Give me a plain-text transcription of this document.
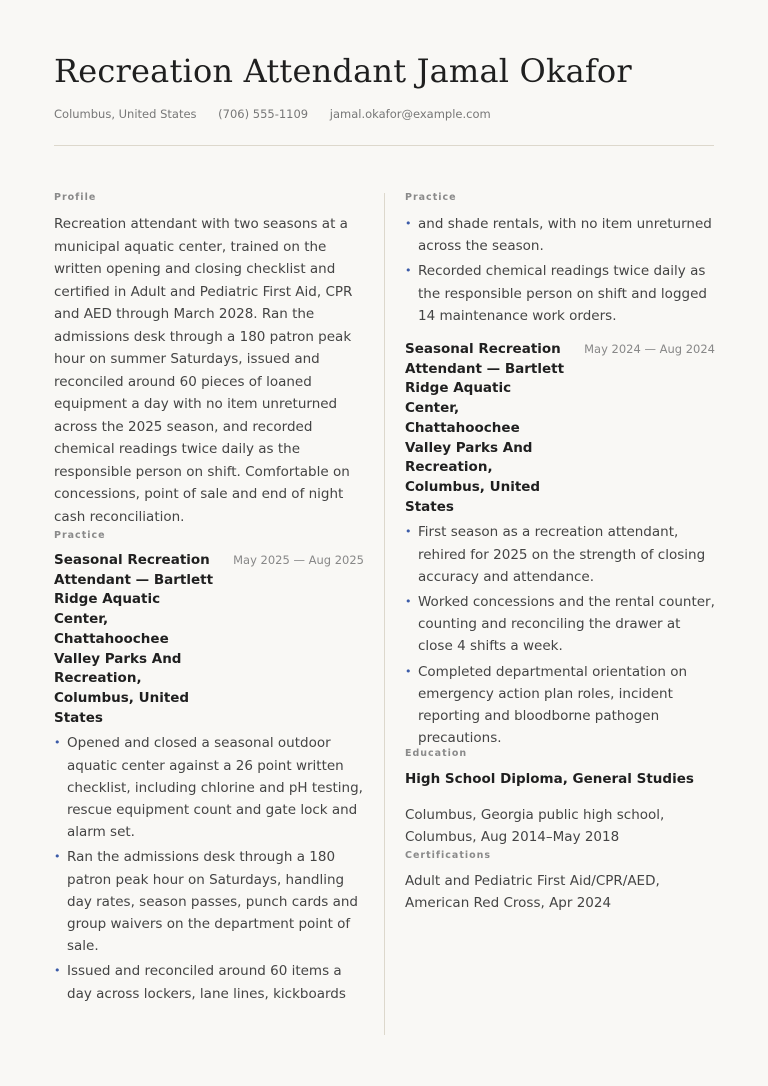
Recreation Attendant Jamal Okafor
Columbus, United States (706) 555-1109 jamal.okafor@example.com
Profile

Recreation attendant with two seasons at a municipal aquatic center, trained on the written opening and closing checklist and certified in Adult and Pediatric First Aid, CPR and AED through March 2028. Ran the admissions desk through a 180 patron peak hour on summer Saturdays, issued and reconciled around 60 pieces of loaned equipment a day with no item unreturned across the 2025 season, and recorded chemical readings twice daily as the responsible person on shift. Comfortable on concessions, point of sale and end of night cash reconciliation.

Practice
Seasonal Recreation Attendant — Bartlett Ridge Aquatic Center, Chattahoochee Valley Parks And Recreation, Columbus, United States
May 2025 — Aug 2025
• Opened and closed a seasonal outdoor aquatic center against a 26 point written checklist, including chlorine and pH testing, rescue equipment count and gate lock and alarm set.
• Ran the admissions desk through a 180 patron peak hour on Saturdays, handling day rates, season passes, punch cards and group waivers on the department point of sale.
• Issued and reconciled around 60 items a day across lockers, lane lines, kickboards
Practice
• and shade rentals, with no item unreturned across the season.
• Recorded chemical readings twice daily as the responsible person on shift and logged 14 maintenance work orders.
Seasonal Recreation Attendant — Bartlett Ridge Aquatic Center, Chattahoochee Valley Parks And Recreation, Columbus, United States
May 2024 — Aug 2024
• First season as a recreation attendant, rehired for 2025 on the strength of closing accuracy and attendance.
• Worked concessions and the rental counter, counting and reconciling the drawer at close 4 shifts a week.
• Completed departmental orientation on emergency action plan roles, incident reporting and bloodborne pathogen precautions.
Education
High School Diploma, General Studies

Columbus, Georgia public high school, Columbus, Aug 2014–May 2018

Certifications

Adult and Pediatric First Aid/CPR/AED, American Red Cross, Apr 2024
